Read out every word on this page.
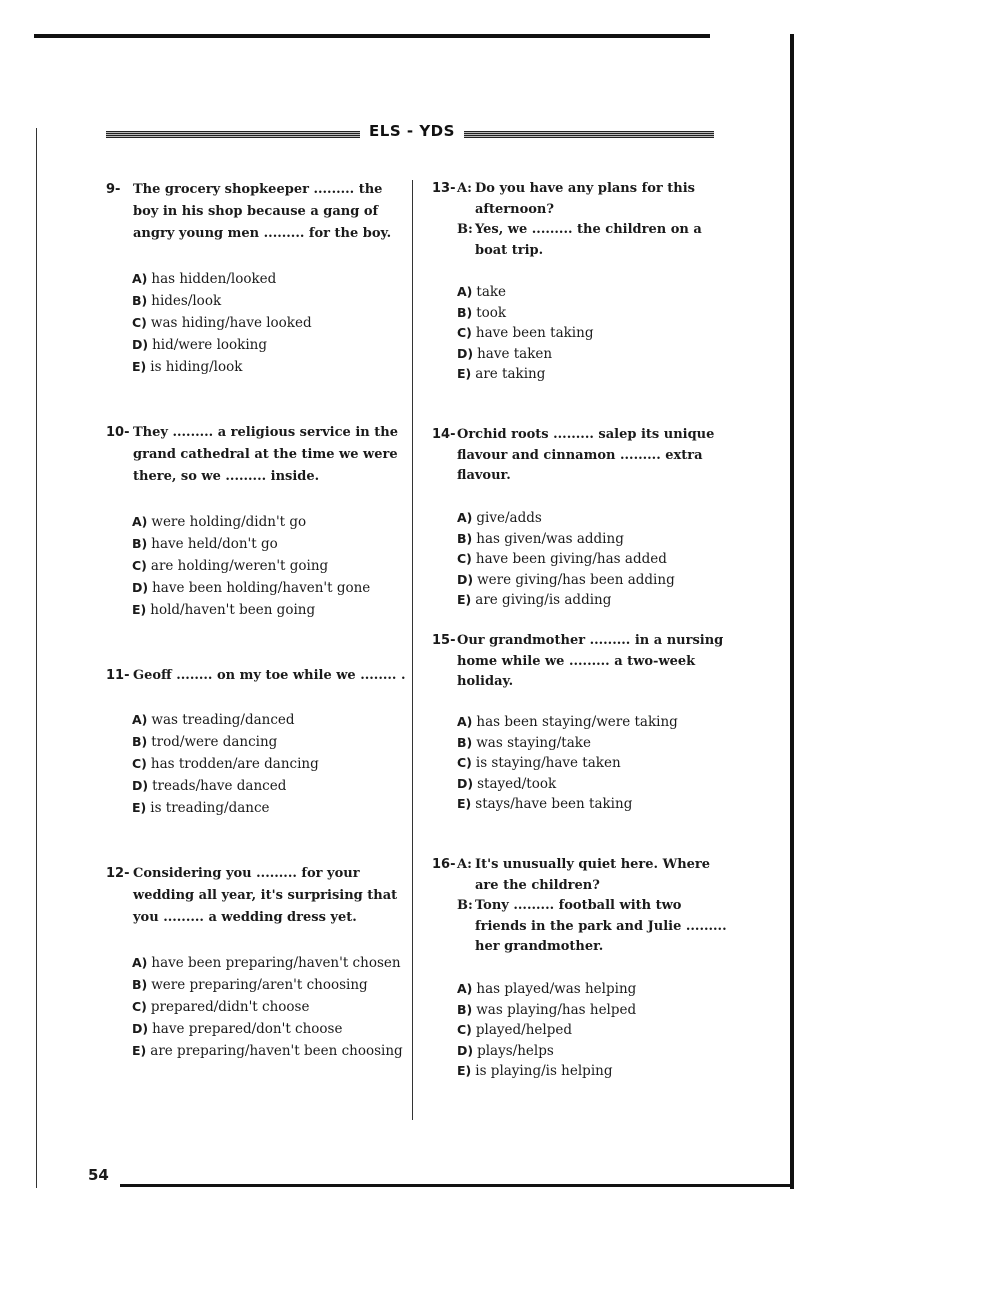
ELS - YDS
9- The grocery shopkeeper ......... the
boy in his shop because a gang of
angry young men ......... for the boy.
A) has hidden/looked
B) hides/look
C) was hiding/have looked
D) hid/were looking
E) is hiding/look
10- They ......... a religious service in the
grand cathedral at the time we were
there, so we ......... inside.
A) were holding/didn't go
B) have held/don't go
C) are holding/weren't going
D) have been holding/haven't gone
E) hold/haven't been going
11- Geoff ........ on my toe while we ........ .
A) was treading/danced
B) trod/were dancing
C) has trodden/are dancing
D) treads/have danced
E) is treading/dance
12- Considering you ......... for your
wedding all year, it's surprising that
you ......... a wedding dress yet.
A) have been preparing/haven't chosen
B) were preparing/aren't choosing
C) prepared/didn't choose
D) have prepared/don't choose
E) are preparing/haven't been choosing
13- A: Do you have any plans for this
afternoon?
B: Yes, we ......... the children on a
boat trip.
A) take
B) took
C) have been taking
D) have taken
E) are taking
14- Orchid roots ......... salep its unique
flavour and cinnamon ......... extra
flavour.
A) give/adds
B) has given/was adding
C) have been giving/has added
D) were giving/has been adding
E) are giving/is adding
15- Our grandmother ......... in a nursing
home while we ......... a two-week
holiday.
A) has been staying/were taking
B) was staying/take
C) is staying/have taken
D) stayed/took
E) stays/have been taking
16- A: It's unusually quiet here. Where
are the children?
B: Tony ......... football with two
friends in the park and Julie .........
her grandmother.
A) has played/was helping
B) was playing/has helped
C) played/helped
D) plays/helps
E) is playing/is helping
54
